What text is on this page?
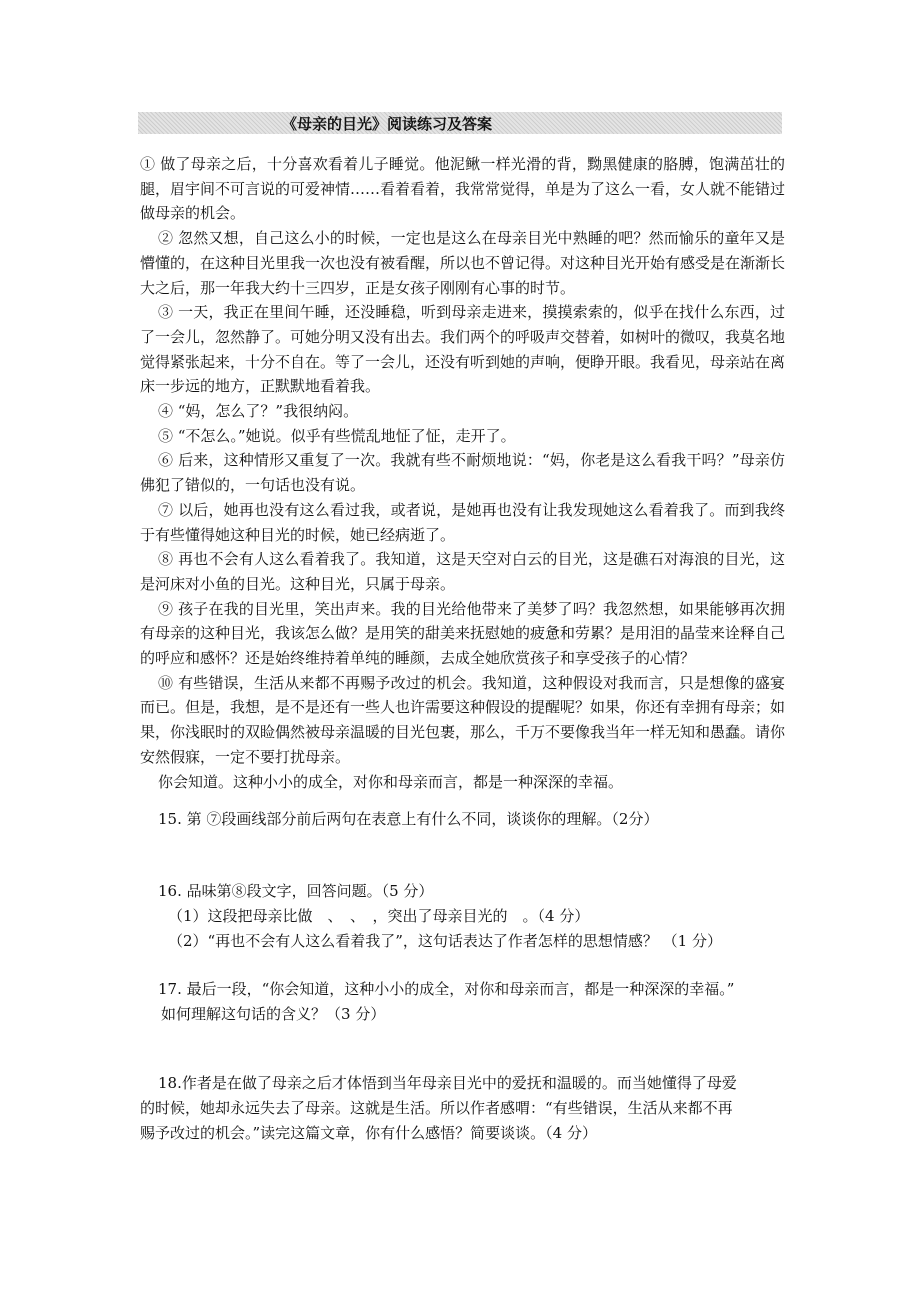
《母亲的目光》阅读练习及答案

① 做了母亲之后，十分喜欢看着儿子睡觉。他泥鳅一样光滑的背，黝黑健康的胳膊，饱满茁壮的腿，眉宇间不可言说的可爱神情……看着看着，我常常觉得，单是为了这么一看，女人就不能错过做母亲的机会。

② 忽然又想，自己这么小的时候，一定也是这么在母亲目光中熟睡的吧？然而愉乐的童年又是懵懂的，在这种目光里我一次也没有被看醒，所以也不曾记得。对这种目光开始有感受是在渐渐长大之后，那一年我大约十三四岁，正是女孩子刚刚有心事的时节。

③ 一天，我正在里间午睡，还没睡稳，听到母亲走进来，摸摸索索的，似乎在找什么东西，过了一会儿，忽然静了。可她分明又没有出去。我们两个的呼吸声交替着，如树叶的微叹，我莫名地觉得紧张起来，十分不自在。等了一会儿，还没有听到她的声响，便睁开眼。我看见，母亲站在离床一步远的地方，正默默地看着我。

④ “妈，怎么了？”我很纳闷。

⑤ “不怎么。”她说。似乎有些慌乱地怔了怔，走开了。

⑥ 后来，这种情形又重复了一次。我就有些不耐烦地说：“妈，你老是这么看我干吗？”母亲仿佛犯了错似的，一句话也没有说。

⑦ 以后，她再也没有这么看过我，或者说，是她再也没有让我发现她这么看着我了。而到我终于有些懂得她这种目光的时候，她已经病逝了。

⑧ 再也不会有人这么看着我了。我知道，这是天空对白云的目光，这是礁石对海浪的目光，这是河床对小鱼的目光。这种目光，只属于母亲。

⑨ 孩子在我的目光里，笑出声来。我的目光给他带来了美梦了吗？我忽然想，如果能够再次拥有母亲的这种目光，我该怎么做？是用笑的甜美来抚慰她的疲惫和劳累？是用泪的晶莹来诠释自己的呼应和感怀？还是始终维持着单纯的睡颜，去成全她欣赏孩子和享受孩子的心情？

⑩ 有些错误，生活从来都不再赐予改过的机会。我知道，这种假设对我而言，只是想像的盛宴而已。但是，我想，是不是还有一些人也许需要这种假设的提醒呢？如果，你还有幸拥有母亲；如果，你浅眠时的双睑偶然被母亲温暖的目光包裹，那么，千万不要像我当年一样无知和愚蠢。请你安然假寐，一定不要打扰母亲。

你会知道。这种小小的成全，对你和母亲而言，都是一种深深的幸福。

15. 第 ⑦段画线部分前后两句在表意上有什么不同，谈谈你的理解。（2分）

16. 品味第⑧段文字，回答问题。（5 分）

（1）这段把母亲比做　、　、　，突出了母亲目光的　。（4 分）

（2）“再也不会有人这么看着我了”，这句话表达了作者怎样的思想情感？ （1 分）

17. 最后一段，“你会知道，这种小小的成全，对你和母亲而言，都是一种深深的幸福。”

如何理解这句话的含义？（3 分）

18.作者是在做了母亲之后才体悟到当年母亲目光中的爱抚和温暖的。而当她懂得了母爱

的时候，她却永远失去了母亲。这就是生活。所以作者感喟：“有些错误，生活从来都不再

赐予改过的机会。”读完这篇文章，你有什么感悟？简要谈谈。（4 分）
